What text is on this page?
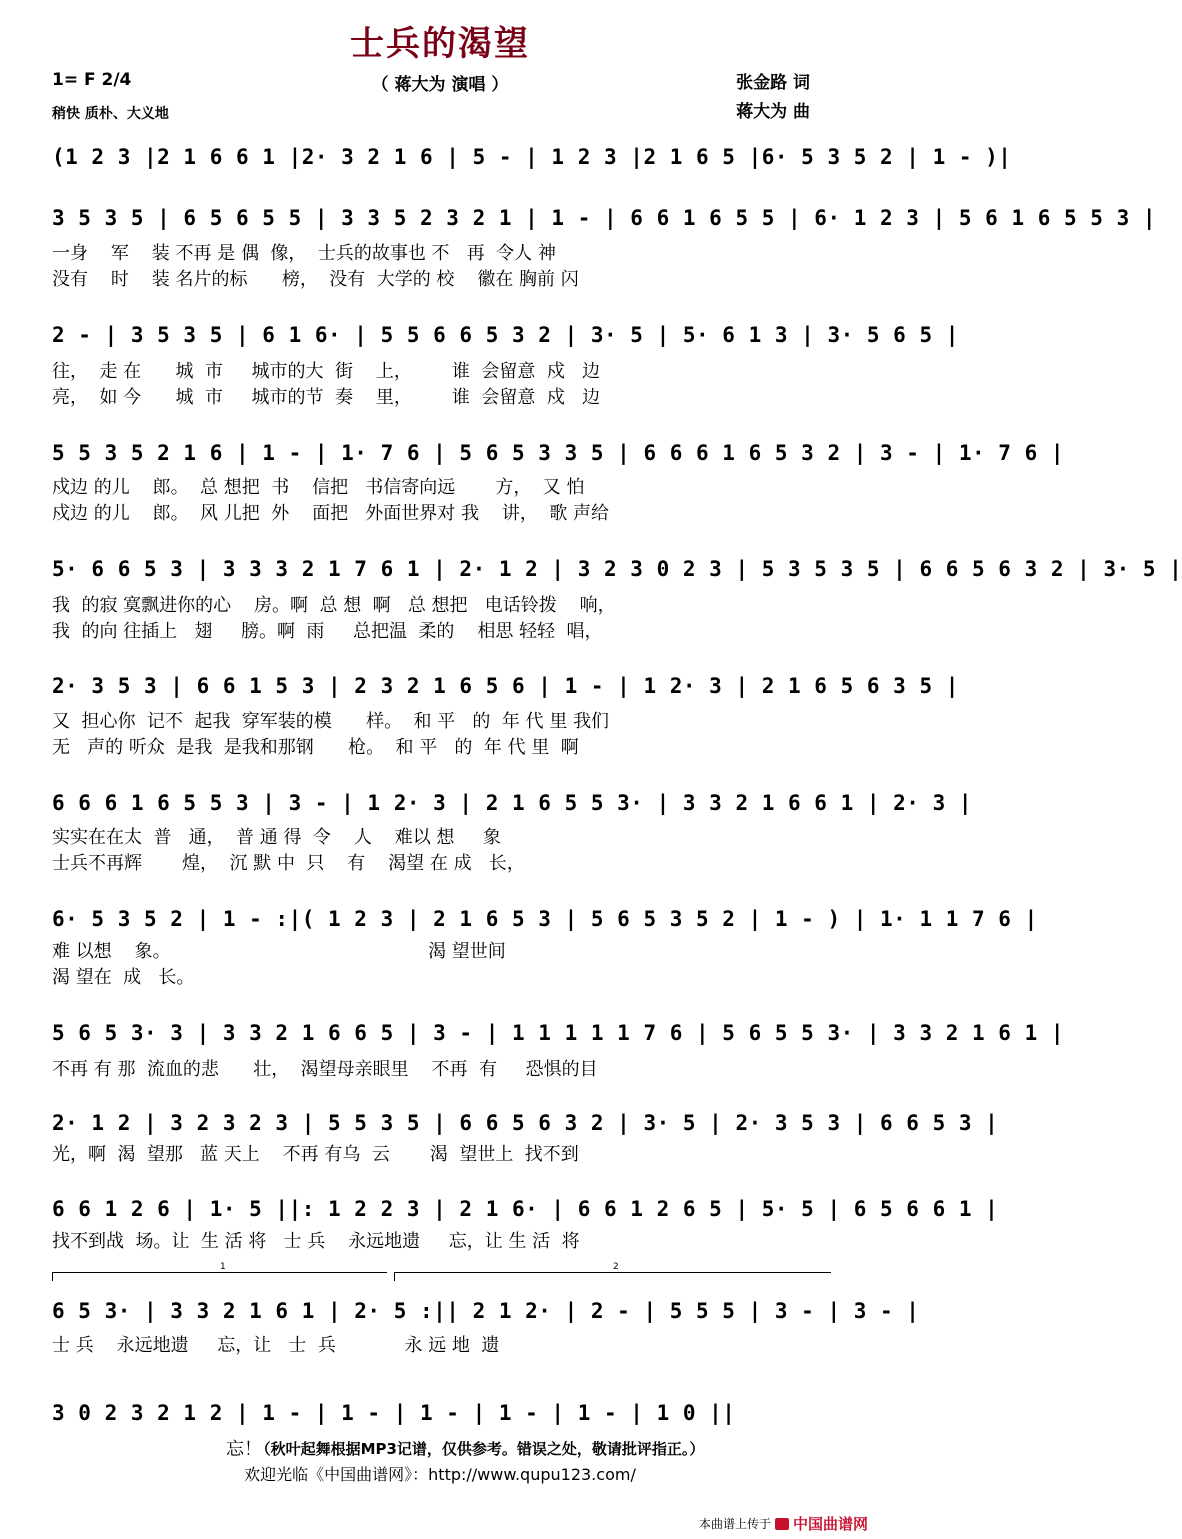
士兵的渴望
（ 蒋大为 演唱 ）
1= F 2/4
稍快 质朴、大义地
张金路 词
蒋大为 曲
(1 2 3 |2 1 6 6 1 |2· 3 2 1 6 | 5 - | 1 2 3 |2 1 6 5 |6· 5 3 5 2 | 1 - )|
3 5 3 5 | 6 5 6 5 5 | 3 3 5 2 3 2 1 | 1 - | 6 6 1 6 5 5 | 6· 1 2 3 | 5 6 1 6 5 5 3 |
一身    军    装 不再 是 偶  像，  士兵的故事也 不   再  令人 神
没有    时    装 名片的标      榜，  没有  大学的 校    徽在 胸前 闪
2 - | 3 5 3 5 | 6 1 6· | 5 5 6 6 5 3 2 | 3· 5 | 5· 6 1 3 | 3· 5 6 5 |
往，  走 在      城  市     城市的大  街    上，       谁  会留意  戍   边
亮，  如 今      城  市     城市的节  奏    里，       谁  会留意  戍   边
5 5 3 5 2 1 6 | 1 - | 1· 7 6 | 5 6 5 3 3 5 | 6 6 6 1 6 5 3 2 | 3 - | 1· 7 6 |
戍边 的儿    郎。  总 想把  书    信把   书信寄向远       方，  又 怕
戍边 的儿    郎。  风 儿把  外    面把   外面世界对 我    讲，  歌 声给
5· 6 6 5 3 | 3 3 3 2 1 7 6 1 | 2· 1 2 | 3 2 3 0 2 3 | 5 3 5 3 5 | 6 6 5 6 3 2 | 3· 5 |
我  的寂 寞飘进你的心    房。啊  总 想  啊   总 想把   电话铃拨    响，
我  的向 往插上   翅     膀。啊  雨     总把温  柔的    相思 轻轻  唱，
2· 3 5 3 | 6 6 1 5 3 | 2 3 2 1 6 5 6 | 1 - | 1 2· 3 | 2 1 6 5 6 3 5 |
又  担心你  记不  起我  穿军装的模      样。  和 平   的  年 代 里 我们
无   声的 听众  是我  是我和那钢      枪。  和 平   的  年 代 里  啊
6 6 6 1 6 5 5 3 | 3 - | 1 2· 3 | 2 1 6 5 5 3· | 3 3 2 1 6 6 1 | 2· 3 |
实实在在太  普   通，  普 通 得  令    人    难以 想     象
士兵不再辉       煌，  沉 默 中  只    有    渴望 在 成   长，
6· 5 3 5 2 | 1 - :|( 1 2 3 | 2 1 6 5 3 | 5 6 5 3 5 2 | 1 - ) | 1· 1 1 7 6 |
难 以想    象。                                             渴 望世间
渴 望在  成   长。
5 6 5 3· 3 | 3 3 2 1 6 6 5 | 3 - | 1 1 1 1 1 7 6 | 5 6 5 5 3· | 3 3 2 1 6 1 |
不再 有 那  流血的悲      壮，  渴望母亲眼里    不再  有     恐惧的目
2· 1 2 | 3 2 3 2 3 | 5 5 3 5 | 6 6 5 6 3 2 | 3· 5 | 2· 3 5 3 | 6 6 5 3 |
光，啊  渴  望那   蓝 天上    不再 有乌  云       渴  望世上  找不到
6 6 1 2 6 | 1· 5 ||: 1 2 2 3 | 2 1 6· | 6 6 1 2 6 5 | 5· 5 | 6 5 6 6 1 |
找不到战  场。让  生 活 将   士 兵    永远地遗     忘，让 生 活  将
1	2
6 5 3· | 3 3 2 1 6 1 | 2· 5 :|| 2 1 2· | 2 - | 5 5 5 | 3 - | 3 - |
士 兵    永远地遗     忘，让   士  兵            永 远 地  遗
3 0 2 3 2 1 2 | 1 - | 1 - | 1 - | 1 - | 1 - | 1 0 ||
忘！
（秋叶起舞根据MP3记谱，仅供参考。错误之处，敬请批评指正。）
欢迎光临《中国曲谱网》：http://www.qupu123.com/
本曲谱上传于 中国曲谱网
